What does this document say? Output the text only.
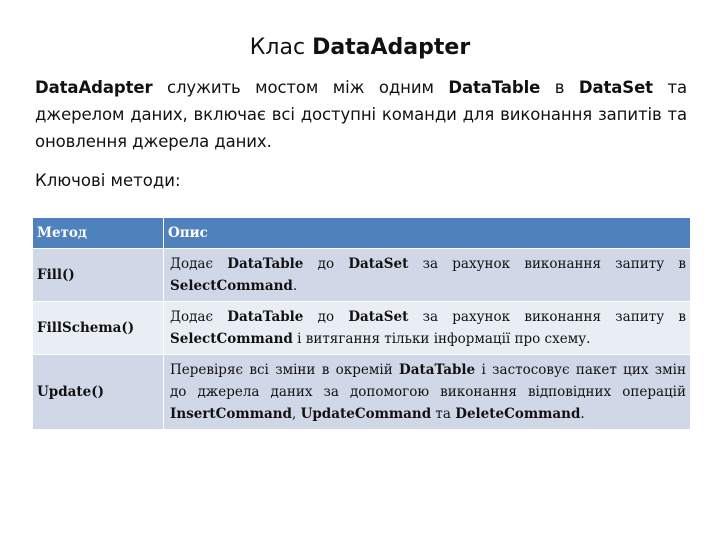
Клас DataAdapter
DataAdapter служить мостом між одним DataTable в DataSet та джерелом даних, включає всі доступні команди для виконання запитів та оновлення джерела даних.
Ключові методи:
Метод	Опис
Fill()	Додає DataTable до DataSet за рахунок виконання запиту в SelectCommand.
FillSchema()	Додає DataTable до DataSet за рахунок виконання запиту в SelectCommand і витягання тільки інформації про схему.
Update()	Перевіряє всі зміни в окремій DataTable і застосовує пакет цих змін до джерела даних за допомогою виконання відповідних операцій InsertCommand, UpdateCommand та DeleteCommand.
